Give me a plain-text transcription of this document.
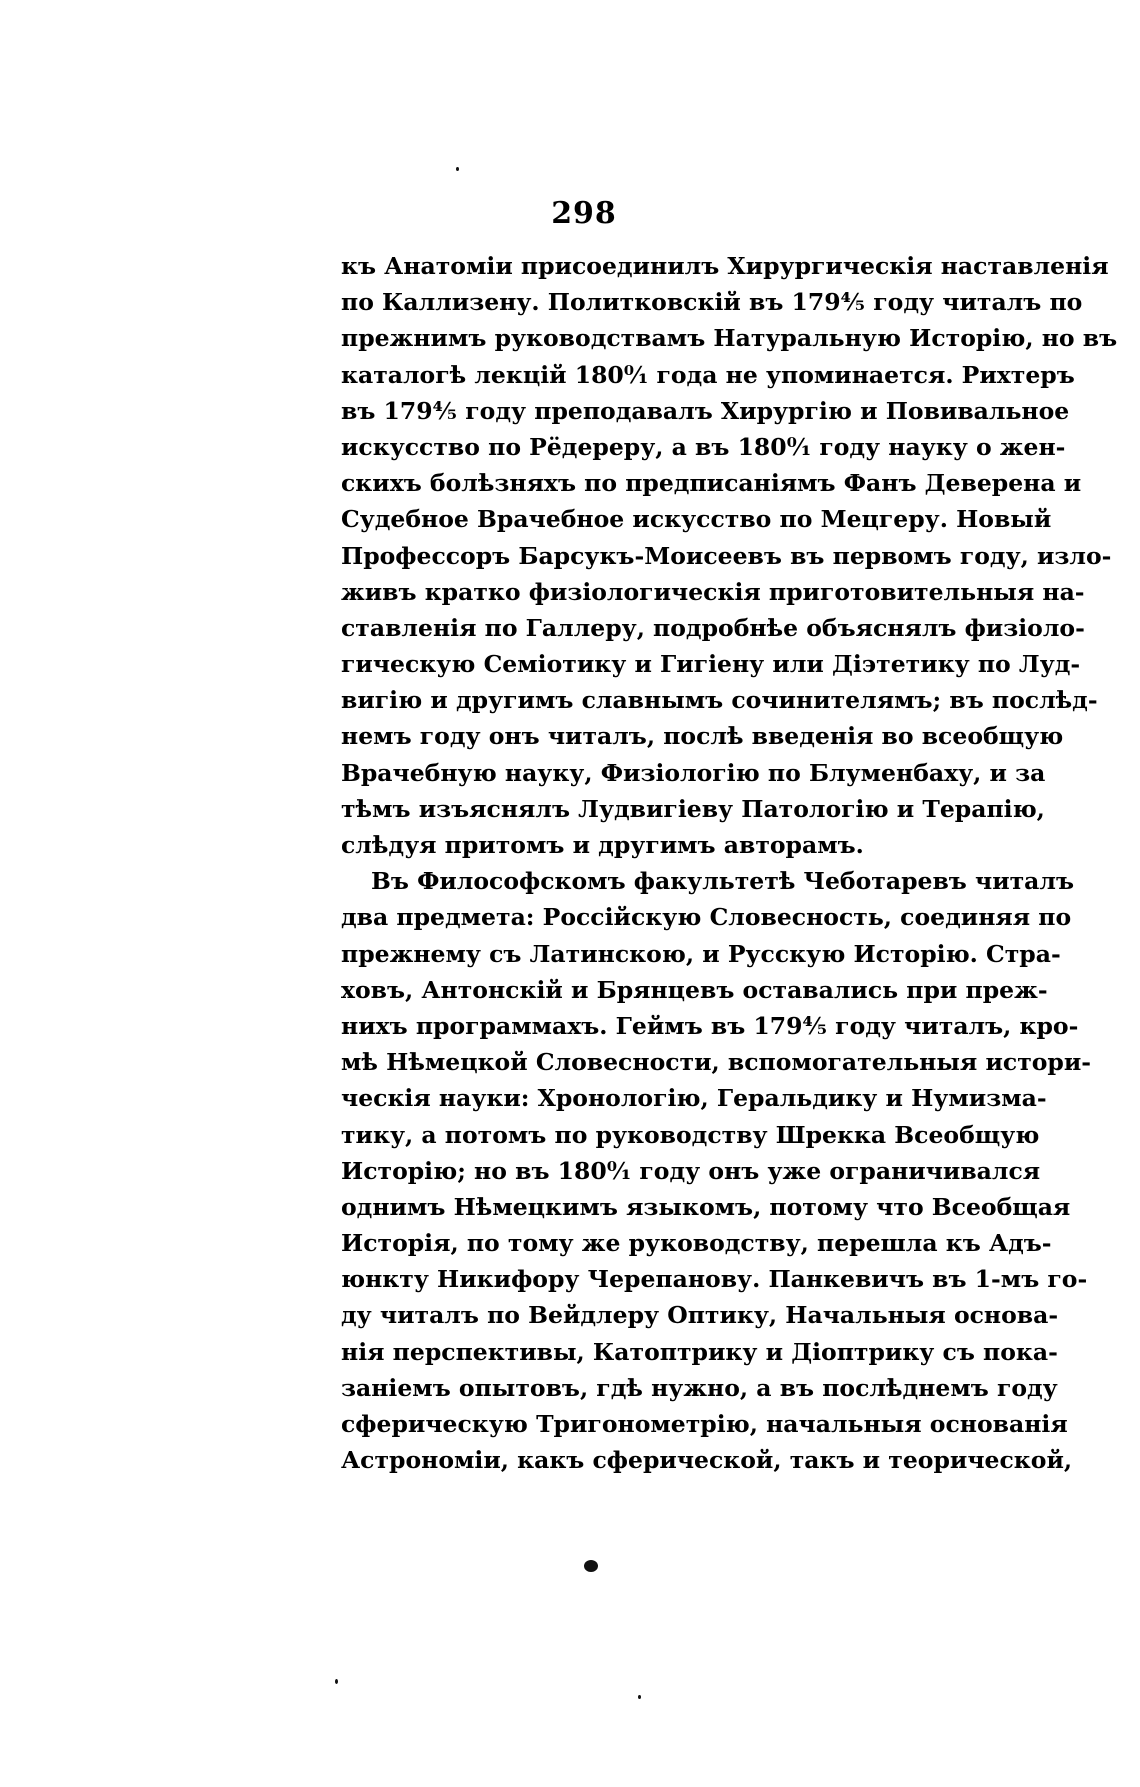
298
къ Анатоміи присоединилъ Хирургическія наставленія
по Каллизену. Политковскій въ 179⁴⁄₅ году читалъ по
прежнимъ руководствамъ Натуральную Исторію, но въ
каталогѣ лекцій 180⁰⁄₁ года не упоминается. Рихтеръ
въ 179⁴⁄₅ году преподавалъ Хирургію и Повивальное
искусство по Рёдереру, а въ 180⁰⁄₁ году науку о жен-
скихъ болѣзняхъ по предписаніямъ Фанъ Деверена и
Судебное Врачебное искусство по Мецгеру. Новый
Профессоръ Барсукъ-Моисеевъ въ первомъ году, изло-
живъ кратко физіологическія приготовительныя на-
ставленія по Галлеру, подробнѣе объяснялъ физіоло-
гическую Семіотику и Гигіену или Діэтетику по Луд-
вигію и другимъ славнымъ сочинителямъ; въ послѣд-
немъ году онъ читалъ, послѣ введенія во всеобщую
Врачебную науку, Физіологію по Блуменбаху, и за
тѣмъ изъяснялъ Лудвигіеву Патологію и Терапію,
слѣдуя притомъ и другимъ авторамъ.
Въ Философскомъ факультетѣ Чеботаревъ читалъ
два предмета: Россійскую Словесность, соединяя по
прежнему съ Латинскою, и Русскую Исторію. Стра-
ховъ, Антонскій и Брянцевъ оставались при преж-
нихъ программахъ. Геймъ въ 179⁴⁄₅ году читалъ, кро-
мѣ Нѣмецкой Словесности, вспомогательныя истори-
ческія науки: Хронологію, Геральдику и Нумизма-
тику, а потомъ по руководству Шрекка Всеобщую
Исторію; но въ 180⁰⁄₁ году онъ уже ограничивался
однимъ Нѣмецкимъ языкомъ, потому что Всеобщая
Исторія, по тому же руководству, перешла къ Адъ-
юнкту Никифору Черепанову. Панкевичъ въ 1-мъ го-
ду читалъ по Вейдлеру Оптику, Начальныя основа-
нія перспективы, Катоптрику и Діоптрику съ пока-
заніемъ опытовъ, гдѣ нужно, а въ послѣднемъ году
сферическую Тригонометрію, начальныя основанія
Астрономіи, какъ сферической, такъ и теорической,
